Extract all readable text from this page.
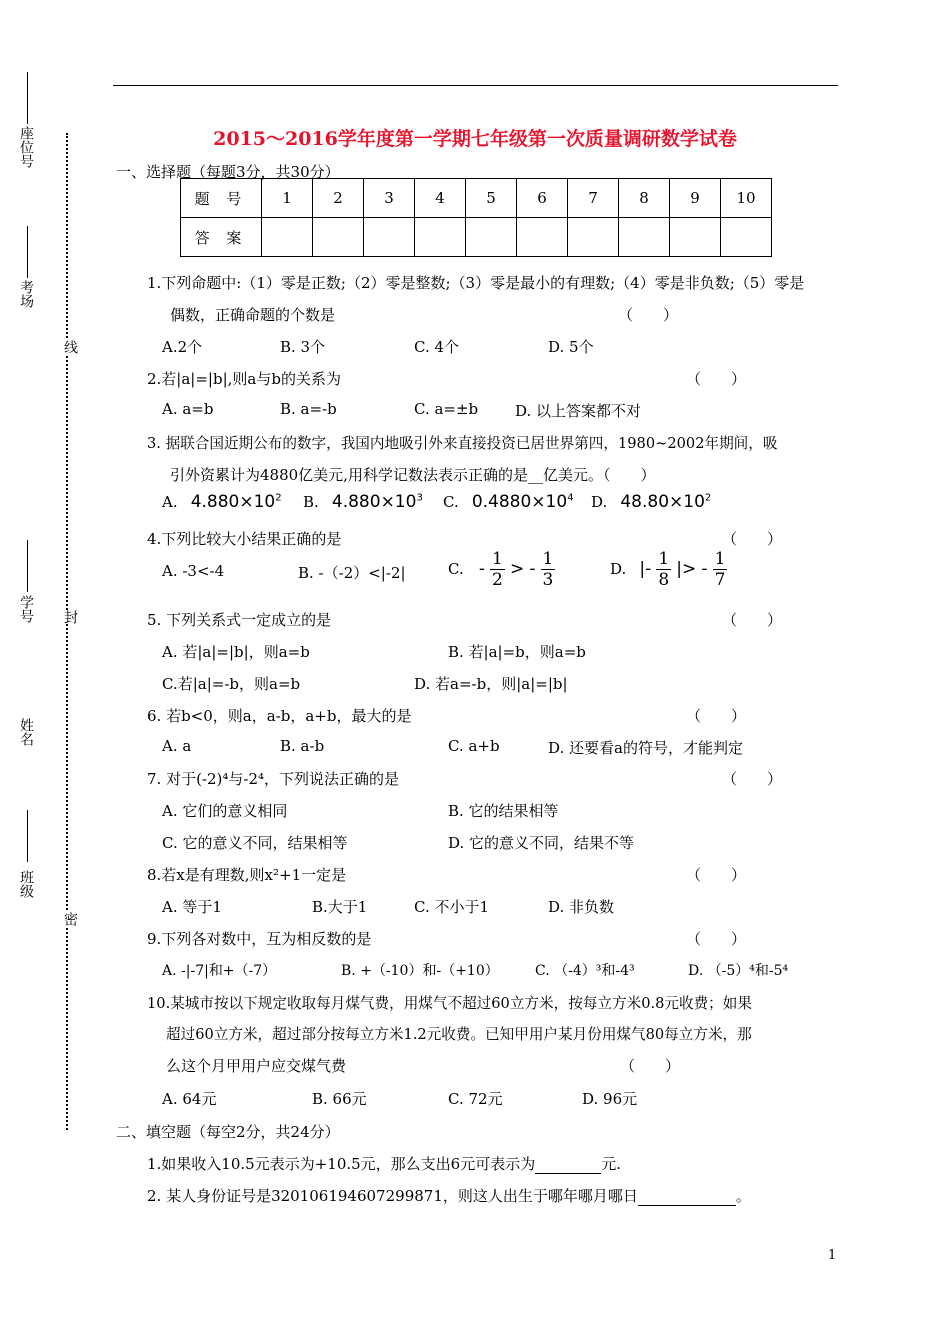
座位号
考场
学号
姓名
班级
线
封
密
2015～2016学年度第一学期七年级第一次质量调研数学试卷
一、选择题（每题3分，共30分）
题 号	1	2	3	4	5	6	7	8	9	10
答 案										
1.下列命题中:（1）零是正数;（2）零是整数;（3）零是最小的有理数;（4）零是非负数;（5）零是
偶数，正确命题的个数是	（　　）
A.2个	B. 3个	C. 4个	D. 5个
2.若|a|=|b|,则a与b的关系为	（　　）
A. a=b	B. a=-b	C. a=±b D. 以上答案都不对
3. 据联合国近期公布的数字，我国内地吸引外来直接投资已居世界第四，1980~2002年期间，吸
引外资累计为4880亿美元,用科学记数法表示正确的是__亿美元。（　　）
A. $4.880\times 10^2$ B. $4.880\times 10^3$ C. $0.4880\times 10^4$ D. $48.80\times 10^2$
4.下列比较大小结果正确的是	（　　）
A. -3<-4	B. -（-2）<|-2|	C. - $\frac{1}{2}$ > - $\frac{1}{3}$	D. |- $\frac{1}{8}$ |> - $\frac{1}{7}$
5. 下列关系式一定成立的是	（　　）
A. 若|a|=|b|，则a=b	B. 若|a|=b，则a=b
C.若|a|=-b，则a=b	D. 若a=-b，则|a|=|b|
6. 若b<0，则a，a-b，a+b，最大的是	（　　）
A. a	B. a-b	C. a+b	D. 还要看a的符号，才能判定
7. 对于(-2)⁴与-2⁴，下列说法正确的是	（　　）
A. 它们的意义相同	B. 它的结果相等
C. 它的意义不同，结果相等	D. 它的意义不同，结果不等
8.若x是有理数,则x²+1一定是	（　　）
A. 等于1	B.大于1	C. 不小于1	D. 非负数
9.下列各对数中，互为相反数的是	（　　）
A. -|-7|和+（-7）	B. +（-10）和-（+10）	C. （-4）³和-4³	D. （-5）⁴和-5⁴
10.某城市按以下规定收取每月煤气费，用煤气不超过60立方米，按每立方米0.8元收费；如果
超过60立方米，超过部分按每立方米1.2元收费。已知甲用户某月份用煤气80每立方米，那
么这个月甲用户应交煤气费	（　　）
A. 64元	B. 66元	C. 72元	D. 96元
二、填空题（每空2分，共24分）
1.如果收入10.5元表示为+10.5元，那么支出6元可表示为	元.
2. 某人身份证号是320106194607299871，则这人出生于哪年哪月哪日	。
1
